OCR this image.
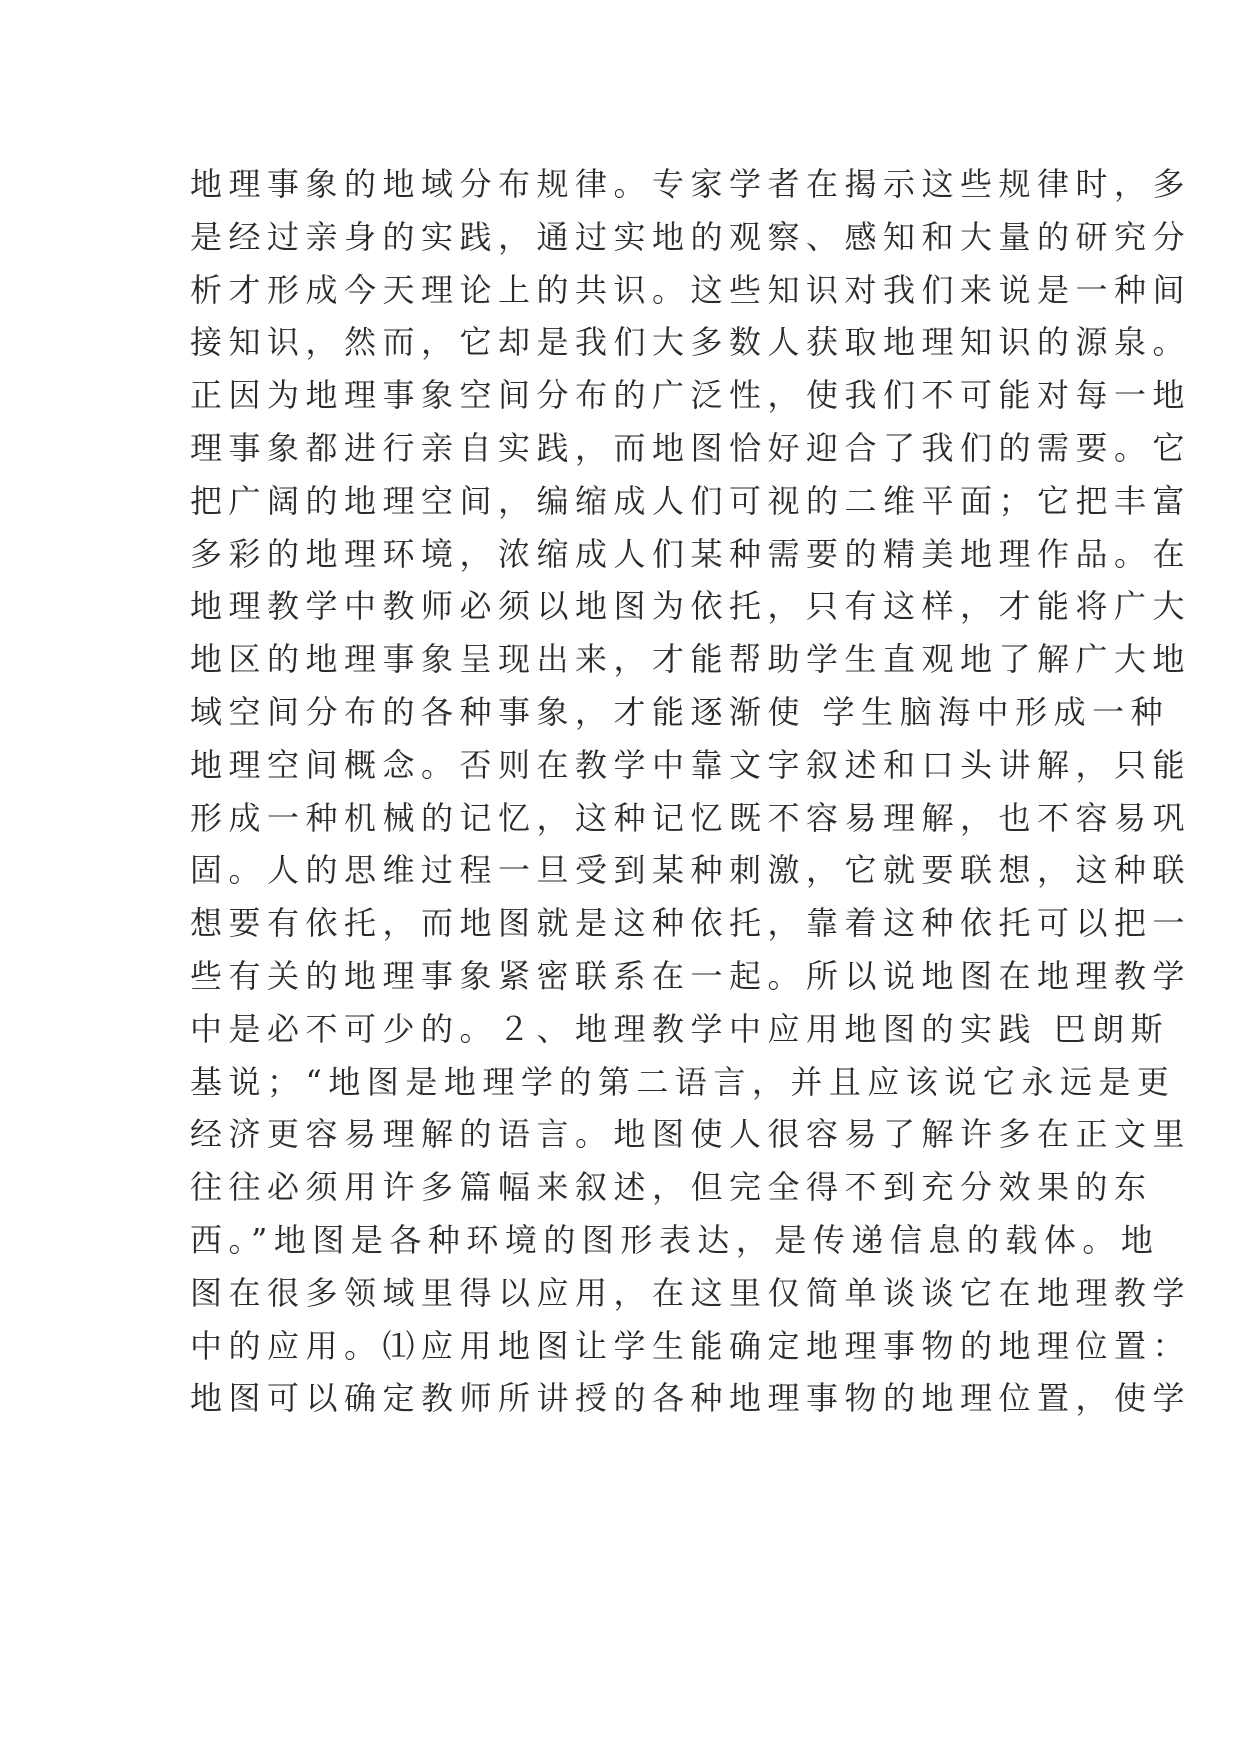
地理事象的地域分布规律。专家学者在揭示这些规律时，多
是经过亲身的实践，通过实地的观察、感知和大量的研究分
析才形成今天理论上的共识。这些知识对我们来说是一种间
接知识，然而，它却是我们大多数人获取地理知识的源泉。
正因为地理事象空间分布的广泛性，使我们不可能对每一地
理事象都进行亲自实践，而地图恰好迎合了我们的需要。它
把广阔的地理空间，编缩成人们可视的二维平面；它把丰富
多彩的地理环境，浓缩成人们某种需要的精美地理作品。在
地理教学中教师必须以地图为依托，只有这样，才能将广大
地区的地理事象呈现出来，才能帮助学生直观地了解广大地
域空间分布的各种事象，才能逐渐使 学生脑海中形成一种
地理空间概念。否则在教学中靠文字叙述和口头讲解，只能
形成一种机械的记忆，这种记忆既不容易理解，也不容易巩
固。人的思维过程一旦受到某种刺激，它就要联想，这种联
想要有依托，而地图就是这种依托，靠着这种依托可以把一
些有关的地理事象紧密联系在一起。所以说地图在地理教学
中是必不可少的。２、地理教学中应用地图的实践 巴朗斯
基说；“地图是地理学的第二语言，并且应该说它永远是更
经济更容易理解的语言。地图使人很容易了解许多在正文里
往往必须用许多篇幅来叙述，但完全得不到充分效果的东
西。”地图是各种环境的图形表达，是传递信息的载体。地
图在很多领域里得以应用，在这里仅简单谈谈它在地理教学
中的应用。⑴应用地图让学生能确定地理事物的地理位置：
地图可以确定教师所讲授的各种地理事物的地理位置，使学
